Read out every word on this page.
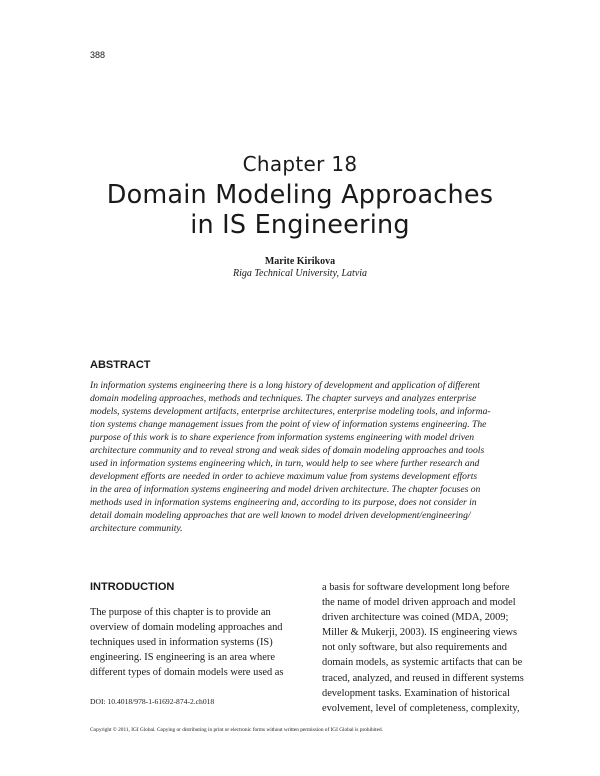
388
Chapter 18
Domain Modeling Approaches
in IS Engineering
Marite Kirikova
Riga Technical University, Latvia
ABSTRACT
In information systems engineering there is a long history of development and application of different
domain modeling approaches, methods and techniques. The chapter surveys and analyzes enterprise
models, systems development artifacts, enterprise architectures, enterprise modeling tools, and informa-
tion systems change management issues from the point of view of information systems engineering. The
purpose of this work is to share experience from information systems engineering with model driven
architecture community and to reveal strong and weak sides of domain modeling approaches and tools
used in information systems engineering which, in turn, would help to see where further research and
development efforts are needed in order to achieve maximum value from systems development efforts
in the area of information systems engineering and model driven architecture. The chapter focuses on
methods used in information systems engineering and, according to its purpose, does not consider in
detail domain modeling approaches that are well known to model driven development/engineering/
architecture community.
INTRODUCTION
The purpose of this chapter is to provide an
overview of domain modeling approaches and
techniques used in information systems (IS)
engineering. IS engineering is an area where
different types of domain models were used as
a basis for software development long before
the name of model driven approach and model
driven architecture was coined (MDA, 2009;
Miller & Mukerji, 2003). IS engineering views
not only software, but also requirements and
domain models, as systemic artifacts that can be
traced, analyzed, and reused in different systems
development tasks. Examination of historical
evolvement, level of completeness, complexity,
DOI: 10.4018/978-1-61692-874-2.ch018
Copyright © 2011, IGI Global. Copying or distributing in print or electronic forms without written permission of IGI Global is prohibited.
